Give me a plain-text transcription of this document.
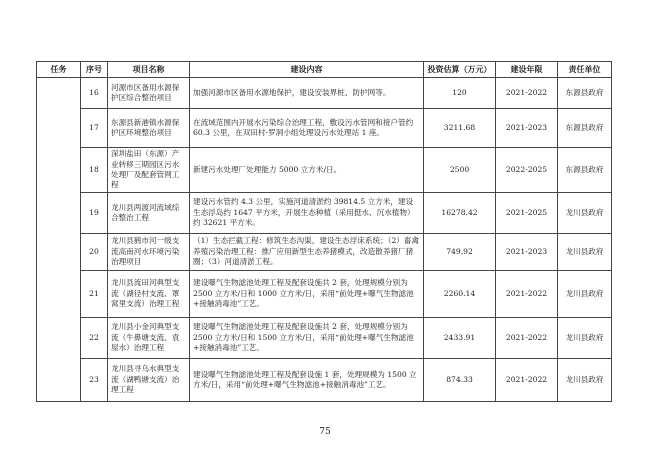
任务	序号	项目名称	建设内容	投资估算（万元）	建设年限	责任单位
	16	河源市区备用水源保护区综合整治项目	加强河源市区备用水源地保护，建设安装界桩、防护网等。	120	2021-2022	东源县政府
	17	东源县新港镇水源保护区环境整治项目	在流域范围内开展水污染综合治理工程，敷设污水管网和接户管约 60.3 公里，在双田村-罗洞小组处理设污水处理站 1 座。	3211.68	2021-2023	东源县政府
	18	深圳盐田（东源）产业转移三期园区污水处理厂及配套管网工程	新建污水处理厂处理能力 5000 立方米/日。	2500	2022-2025	东源县政府
	19	龙川县两渡河流域综合整治工程	建设污水管约 4.3 公里，实施河道清淤约 39814.5 立方米，建设生态浮岛约 1647 平方米，开展生态种植（采用挺水、沉水植物）约 32621 平方米。	16278.42	2021-2025	龙川县政府
	20	龙川县鹤市河一级支流高南河水环境污染治理项目	（1）生态拦截工程：修筑生态沟渠，建设生态浮床系统；（2）畜禽养殖污染治理工程：推广应用新型生态养猪模式，改造散养猪厂猪圈；（3）河道清淤工程。	749.92	2021-2023	龙川县政府
	21	龙川县流田河典型支流（湖径村支流、罩窝里支流）治理工程	建设曝气生物滤池处理工程及配套设施共 2 套，处理规模分别为 2500 立方米/日和 1000 立方米/日，采用“前处理+曝气生物滤池+接触消毒池”工艺。	2260.14	2021-2022	龙川县政府
	22	龙川县小金河典型支流（牛鼻塘支流、袁屋水）治理工程	建设曝气生物滤池处理工程及配套设施共 2 套，处理规模分别为 2500 立方米/日和 1500 立方米/日，采用“前处理+曝气生物滤池+接触消毒池”工艺。	2433.91	2021-2022	龙川县政府
	23	龙川县寻乌水典型支流（湖鸭塘支流）治理工程	建设曝气生物滤池处理工程及配套设施 1 套，处理规模为 1500 立方米/日，采用“前处理+曝气生物滤池+接触消毒池”工艺。	874.33	2021-2022	龙川县政府
75
